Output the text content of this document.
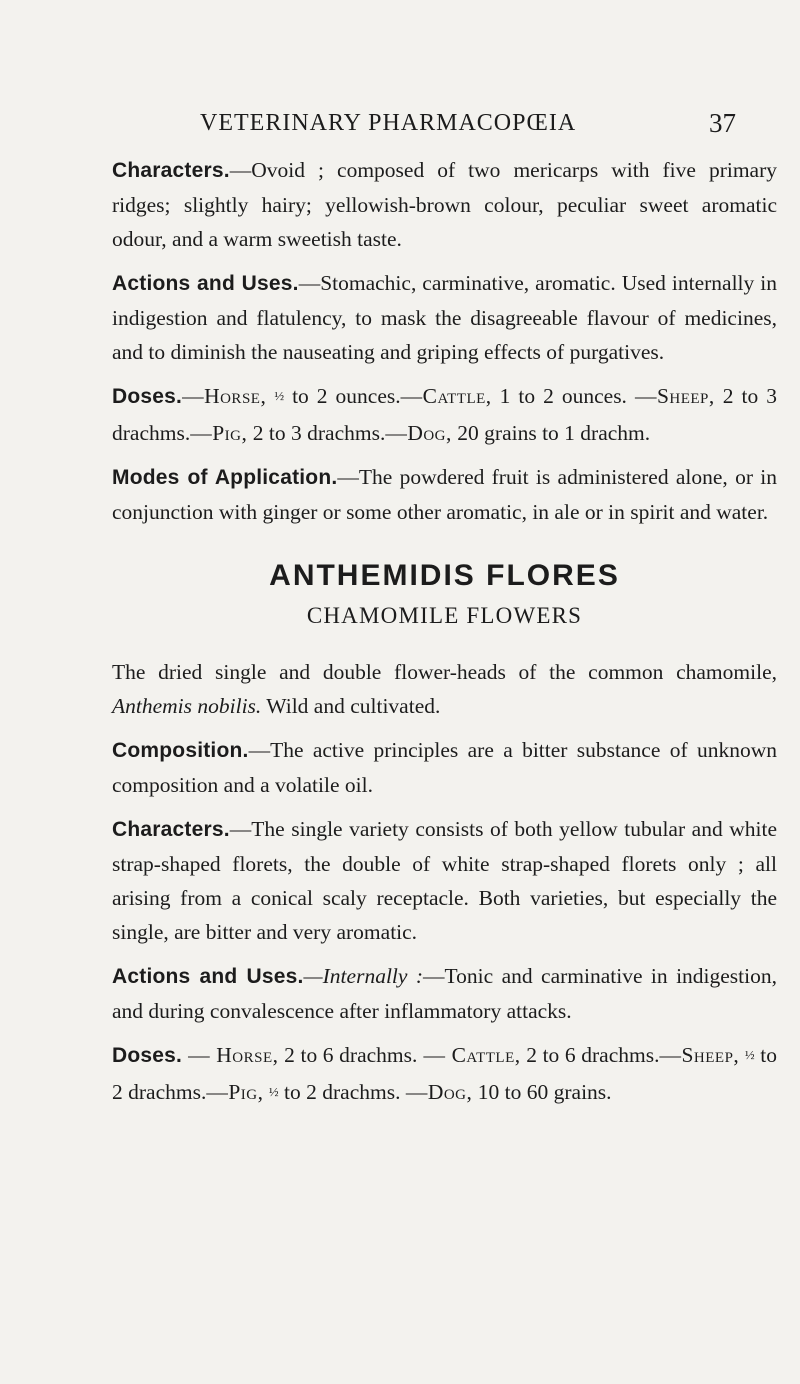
VETERINARY PHARMACOPŒIA	37

Characters.—Ovoid ; composed of two mericarps with five primary ridges; slightly hairy; yellowish-brown colour, peculiar sweet aromatic odour, and a warm sweetish taste.

Actions and Uses.—Stomachic, carminative, aromatic. Used internally in indigestion and flatulency, to mask the disagreeable flavour of medicines, and to diminish the nauseating and griping effects of purgatives.

Doses.—Horse, ½ to 2 ounces.—Cattle, 1 to 2 ounces. —Sheep, 2 to 3 drachms.—Pig, 2 to 3 drachms.—Dog, 20 grains to 1 drachm.

Modes of Application.—The powdered fruit is administered alone, or in conjunction with ginger or some other aromatic, in ale or in spirit and water.

ANTHEMIDIS FLORES
CHAMOMILE FLOWERS

The dried single and double flower-heads of the common chamomile, Anthemis nobilis. Wild and cultivated.

Composition.—The active principles are a bitter substance of unknown composition and a volatile oil.

Characters.—The single variety consists of both yellow tubular and white strap-shaped florets, the double of white strap-shaped florets only ; all arising from a conical scaly receptacle. Both varieties, but especially the single, are bitter and very aromatic.

Actions and Uses.—Internally :—Tonic and carminative in indigestion, and during convalescence after inflammatory attacks.

Doses. — Horse, 2 to 6 drachms. — Cattle, 2 to 6 drachms.—Sheep, ½ to 2 drachms.—Pig, ½ to 2 drachms. —Dog, 10 to 60 grains.
